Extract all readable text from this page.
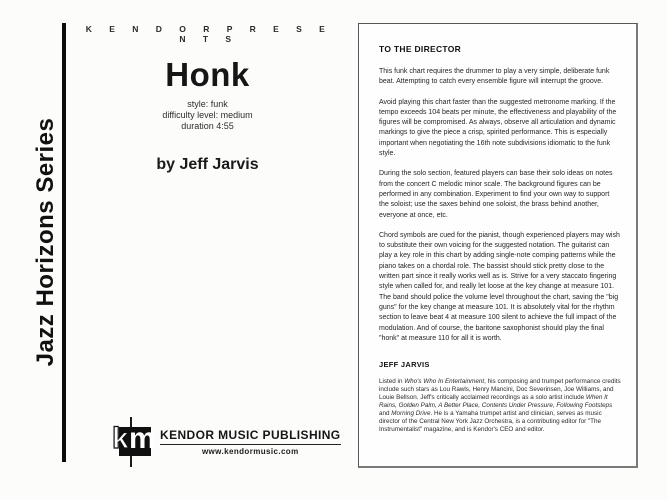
Jazz Horizons Series
K E N D O R P R E S E N T S
Honk
style: funk
difficulty level: medium
duration 4:55
by Jeff Jarvis
k m KENDOR MUSIC PUBLISHING
www.kendormusic.com
TO THE DIRECTOR

This funk chart requires the drummer to play a very simple, deliberate funk beat. Attempting to catch every ensemble figure will interrupt the groove.

Avoid playing this chart faster than the suggested metronome marking. If the tempo exceeds 104 beats per minute, the effectiveness and playability of the figures will be compromised. As always, observe all articulation and dynamic markings to give the piece a crisp, spirited performance. This is especially important when negotiating the 16th note subdivisions idiomatic to the funk style.

During the solo section, featured players can base their solo ideas on notes from the concert C melodic minor scale. The background figures can be performed in any combination. Experiment to find your own way to support the soloist; use the saxes behind one soloist, the brass behind another, everyone at once, etc.

Chord symbols are cued for the pianist, though experienced players may wish to substitute their own voicing for the suggested notation. The guitarist can play a key role in this chart by adding single-note comping patterns while the piano takes on a chordal role. The bassist should stick pretty close to the written part since it really works well as is. Strive for a very staccato fingering style when called for, and really let loose at the key change at measure 101. The band should police the volume level throughout the chart, saving the "big guns" for the key change at measure 101. It is absolutely vital for the rhythm section to leave beat 4 at measure 100 silent to achieve the full impact of the modulation. And of course, the baritone saxophonist should play the final "honk" at measure 110 for all it is worth.

JEFF JARVIS

Listed in Who's Who In Entertainment, his composing and trumpet performance credits include such stars as Lou Rawls, Henry Mancini, Doc Severinsen, Joe Williams, and Louie Bellson. Jeff's critically acclaimed recordings as a solo artist include When It Rains, Golden Palm, A Better Place, Contents Under Pressure, Following Footsteps and Morning Drive. He is a Yamaha trumpet artist and clinician, serves as music director of the Central New York Jazz Orchestra, is a contributing editor for "The Instrumentalist" magazine, and is Kendor's CEO and editor.
